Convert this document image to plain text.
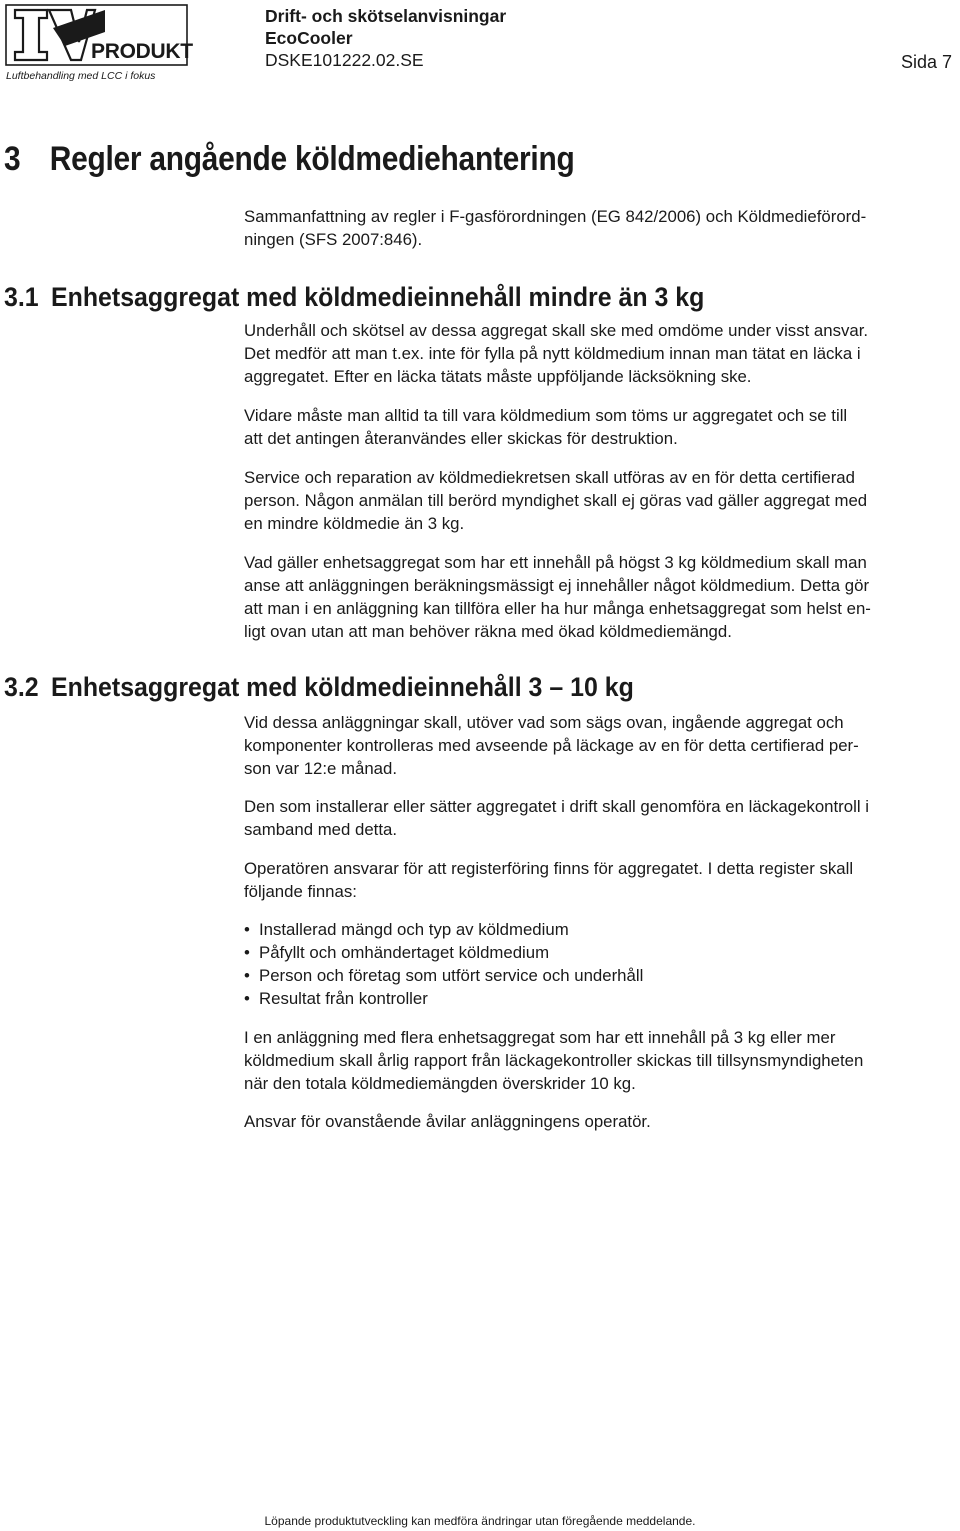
PRODUKT
Luftbehandling med LCC i fokus
Drift- och skötselanvisningar
EcoCooler
DSKE101222.02.SE	Sida 7
3 Regler angående köldmediehantering

Sammanfattning av regler i F-gasförordningen (EG 842/2006) och Köldmedieförord-
ningen (SFS 2007:846).

3.1 Enhetsaggregat med köldmedieinnehåll mindre än 3 kg

Underhåll och skötsel av dessa aggregat skall ske med omdöme under visst ansvar.
Det medför att man t.ex. inte för fylla på nytt köldmedium innan man tätat en läcka i
aggregatet. Efter en läcka tätats måste uppföljande läcksökning ske.

Vidare måste man alltid ta till vara köldmedium som töms ur aggregatet och se till
att det antingen återanvändes eller skickas för destruktion.

Service och reparation av köldmediekretsen skall utföras av en för detta certifierad
person. Någon anmälan till berörd myndighet skall ej göras vad gäller aggregat med
en mindre köldmedie än 3 kg.

Vad gäller enhetsaggregat som har ett innehåll på högst 3 kg köldmedium skall man
anse att anläggningen beräkningsmässigt ej innehåller något köldmedium. Detta gör
att man i en anläggning kan tillföra eller ha hur många enhetsaggregat som helst en-
ligt ovan utan att man behöver räkna med ökad köldmediemängd.

3.2 Enhetsaggregat med köldmedieinnehåll 3 – 10 kg

Vid dessa anläggningar skall, utöver vad som sägs ovan, ingående aggregat och
komponenter kontrolleras med avseende på läckage av en för detta certifierad per-
son var 12:e månad.

Den som installerar eller sätter aggregatet i drift skall genomföra en läckagekontroll i
samband med detta.

Operatören ansvarar för att registerföring finns för aggregatet. I detta register skall
följande finnas:

• Installerad mängd och typ av köldmedium
• Påfyllt och omhändertaget köldmedium
• Person och företag som utfört service och underhåll
• Resultat från kontroller

I en anläggning med flera enhetsaggregat som har ett innehåll på 3 kg eller mer
köldmedium skall årlig rapport från läckagekontroller skickas till tillsynsmyndigheten
när den totala köldmediemängden överskrider 10 kg.

Ansvar för ovanstående åvilar anläggningens operatör.

Löpande produktutveckling kan medföra ändringar utan föregående meddelande.
